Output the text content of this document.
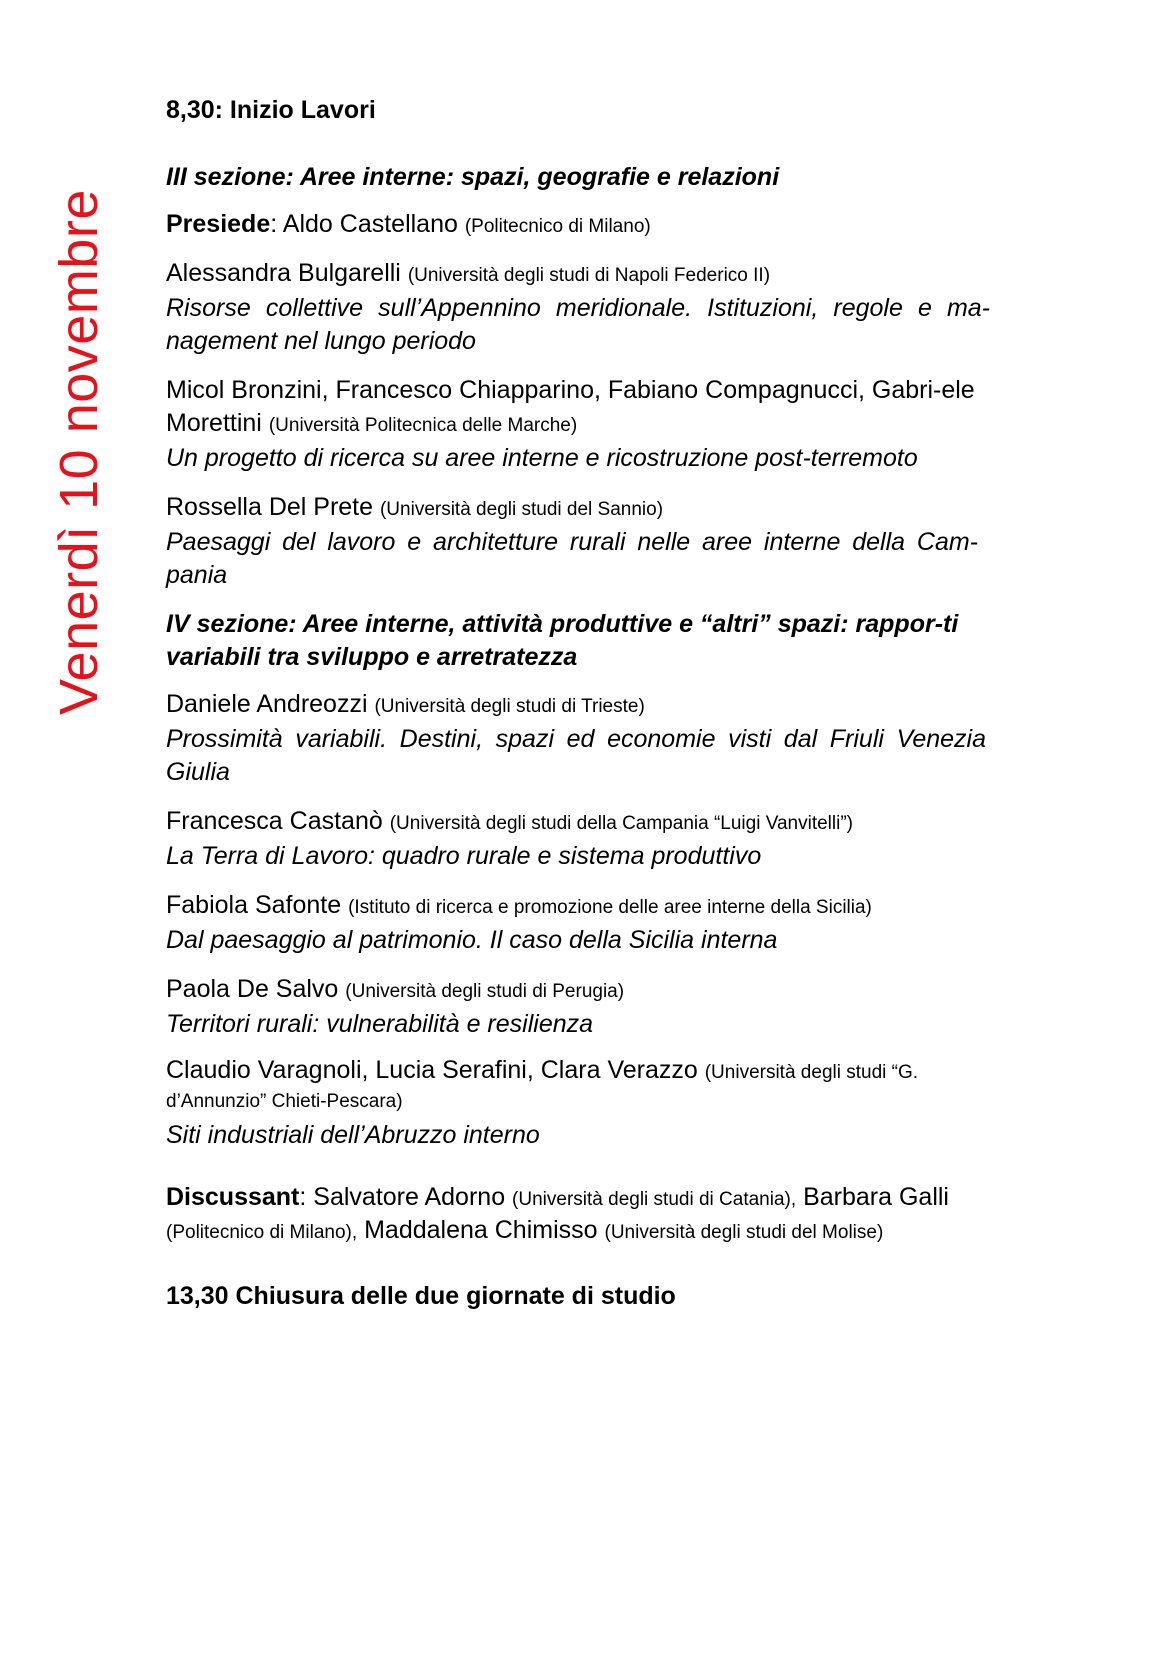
Venerdì 10 novembre

8,30: Inizio Lavori

III sezione: Aree interne: spazi, geografie e relazioni

Presiede: Aldo Castellano (Politecnico di Milano)

Alessandra Bulgarelli (Università degli studi di Napoli Federico II)

Risorse collettive sull’Appennino meridionale. Istituzioni, regole e ma-nagement nel lungo periodo

Micol Bronzini, Francesco Chiapparino, Fabiano Compagnucci, Gabri-ele Morettini (Università Politecnica delle Marche)

Un progetto di ricerca su aree interne e ricostruzione post-terremoto

Rossella Del Prete (Università degli studi del Sannio)

Paesaggi del lavoro e architetture rurali nelle aree interne della Cam-pania

IV sezione: Aree interne, attività produttive e “altri” spazi: rappor-ti variabili tra sviluppo e arretratezza

Daniele Andreozzi (Università degli studi di Trieste)

Prossimità variabili. Destini, spazi ed economie visti dal Friuli Venezia Giulia

Francesca Castanò (Università degli studi della Campania “Luigi Vanvitelli”)

La Terra di Lavoro: quadro rurale e sistema produttivo

Fabiola Safonte (Istituto di ricerca e promozione delle aree interne della Sicilia)

Dal paesaggio al patrimonio. Il caso della Sicilia interna

Paola De Salvo (Università degli studi di Perugia)

Territori rurali: vulnerabilità e resilienza

Claudio Varagnoli, Lucia Serafini, Clara Verazzo (Università degli studi “G. d’Annunzio” Chieti-Pescara)

Siti industriali dell’Abruzzo interno

Discussant: Salvatore Adorno (Università degli studi di Catania), Barbara Galli (Politecnico di Milano), Maddalena Chimisso (Università degli studi del Molise)

13,30 Chiusura delle due giornate di studio
